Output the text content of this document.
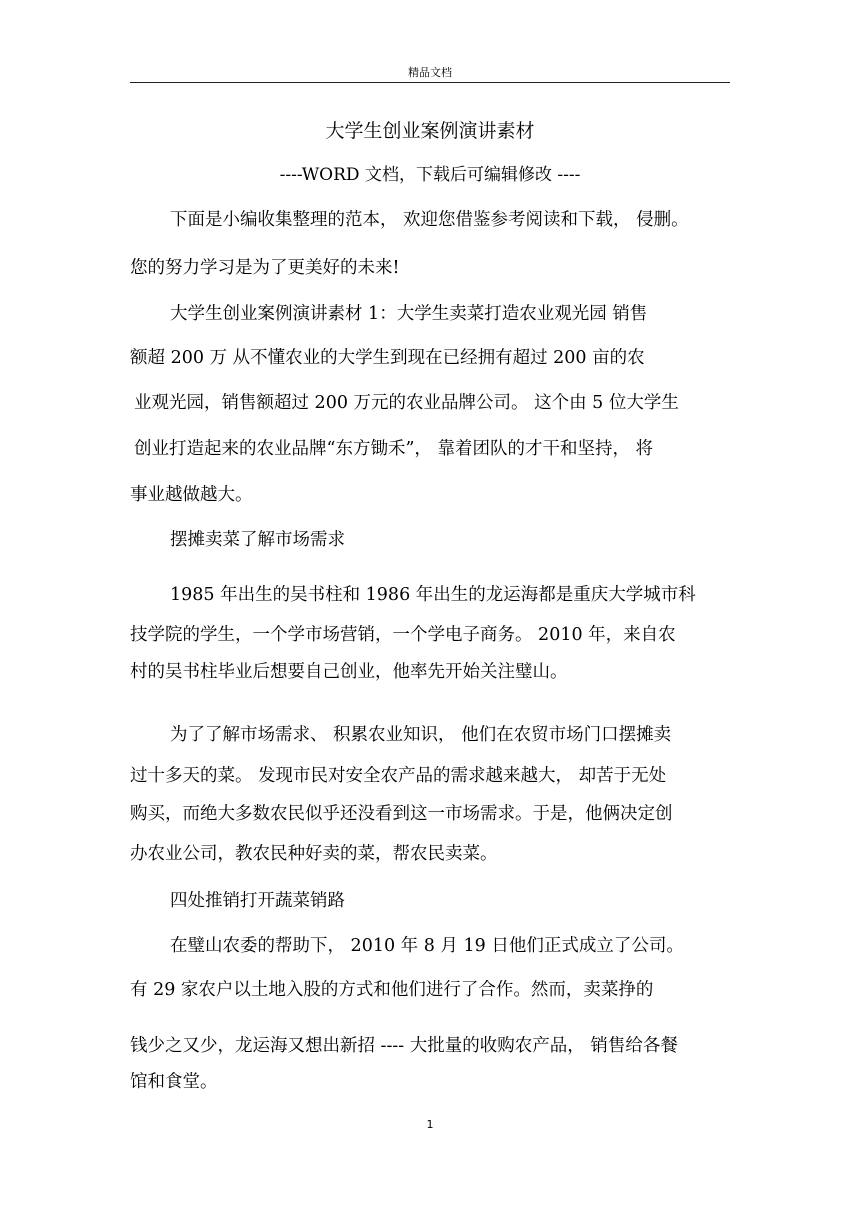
精品文档
大学生创业案例演讲素材
----WORD 文档，下载后可编辑修改 ----
下面是小编收集整理的范本， 欢迎您借鉴参考阅读和下载， 侵删。
您的努力学习是为了更美好的未来!
大学生创业案例演讲素材 1：大学生卖菜打造农业观光园 销售
额超 200 万 从不懂农业的大学生到现在已经拥有超过 200 亩的农
业观光园，销售额超过 200 万元的农业品牌公司。 这个由 5 位大学生
创业打造起来的农业品牌“东方锄禾”， 靠着团队的才干和坚持， 将
事业越做越大。
摆摊卖菜了解市场需求
1985 年出生的吴书柱和 1986 年出生的龙运海都是重庆大学城市科
技学院的学生，一个学市场营销，一个学电子商务。 2010 年，来自农
村的吴书柱毕业后想要自己创业，他率先开始关注璧山。
为了了解市场需求、 积累农业知识， 他们在农贸市场门口摆摊卖
过十多天的菜。 发现市民对安全农产品的需求越来越大， 却苦于无处
购买，而绝大多数农民似乎还没看到这一市场需求。于是，他俩决定创
办农业公司，教农民种好卖的菜，帮农民卖菜。
四处推销打开蔬菜销路
在璧山农委的帮助下， 2010 年 8 月 19 日他们正式成立了公司。
有 29 家农户以土地入股的方式和他们进行了合作。然而，卖菜挣的
钱少之又少，龙运海又想出新招 ---- 大批量的收购农产品， 销售给各餐
馆和食堂。
1
